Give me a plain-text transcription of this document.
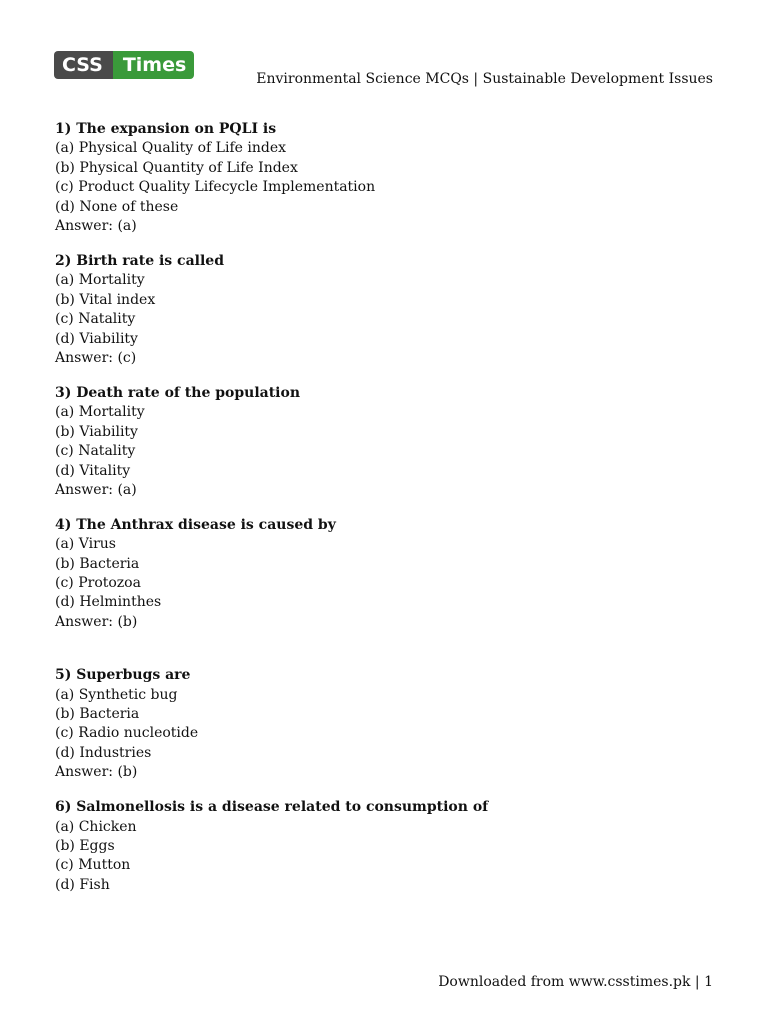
CSS	Times
Environmental Science MCQs | Sustainable Development Issues
1) The expansion on PQLI is
(a) Physical Quality of Life index
(b) Physical Quantity of Life Index
(c) Product Quality Lifecycle Implementation
(d) None of these
Answer: (a)
2) Birth rate is called
(a) Mortality
(b) Vital index
(c) Natality
(d) Viability
Answer: (c)
3) Death rate of the population
(a) Mortality
(b) Viability
(c) Natality
(d) Vitality
Answer: (a)
4) The Anthrax disease is caused by
(a) Virus
(b) Bacteria
(c) Protozoa
(d) Helminthes
Answer: (b)
5) Superbugs are
(a) Synthetic bug
(b) Bacteria
(c) Radio nucleotide
(d) Industries
Answer: (b)
6) Salmonellosis is a disease related to consumption of
(a) Chicken
(b) Eggs
(c) Mutton
(d) Fish
Downloaded from www.csstimes.pk | 1
